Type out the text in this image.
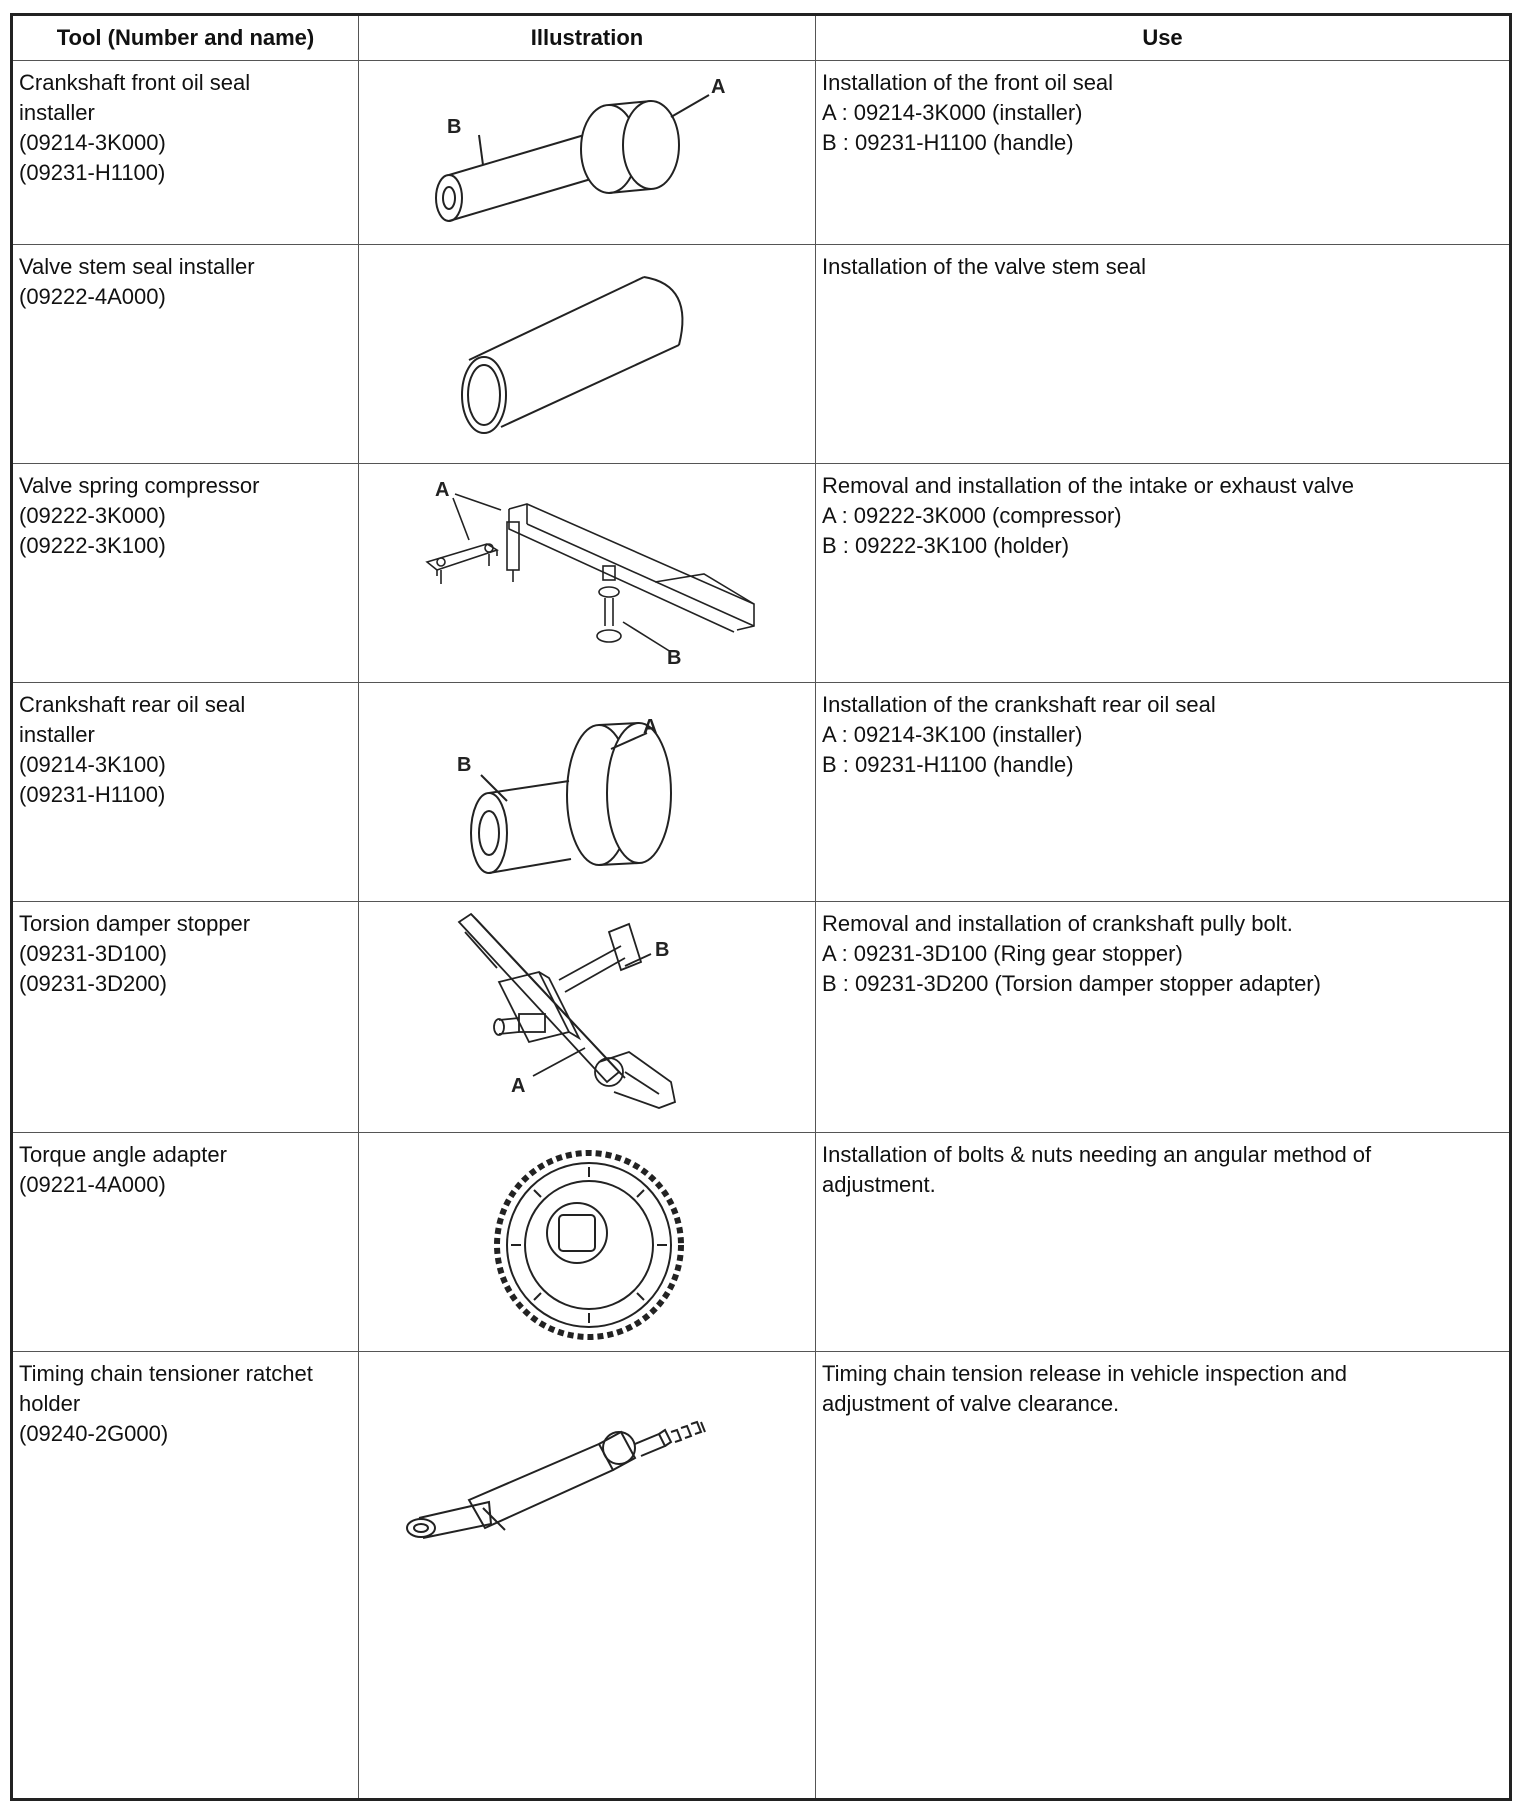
Tool (Number and name)	Illustration	Use
Crankshaft front oil seal installer
(09214-3K000)
(09231-H1100)
A
B
Installation of the front oil seal
A : 09214-3K000 (installer)
B : 09231-H1100 (handle)
Valve stem seal installer
(09222-4A000)
Installation of the valve stem seal
Valve spring compressor
(09222-3K000)
(09222-3K100)
A
B
Removal and installation of the intake or exhaust valve
A : 09222-3K000 (compressor)
B : 09222-3K100 (holder)
Crankshaft rear oil seal installer
(09214-3K100)
(09231-H1100)
A
B
Installation of the crankshaft rear oil seal
A : 09214-3K100 (installer)
B : 09231-H1100 (handle)
Torsion damper stopper
(09231-3D100)
(09231-3D200)
B
A
Removal and installation of crankshaft pully bolt.
A : 09231-3D100 (Ring gear stopper)
B : 09231-3D200 (Torsion damper stopper adapter)
Torque angle adapter
(09221-4A000)
Installation of bolts & nuts needing an angular method of
adjustment.
Timing chain tensioner ratchet holder
(09240-2G000)
Timing chain tension release in vehicle inspection and
adjustment of valve clearance.
